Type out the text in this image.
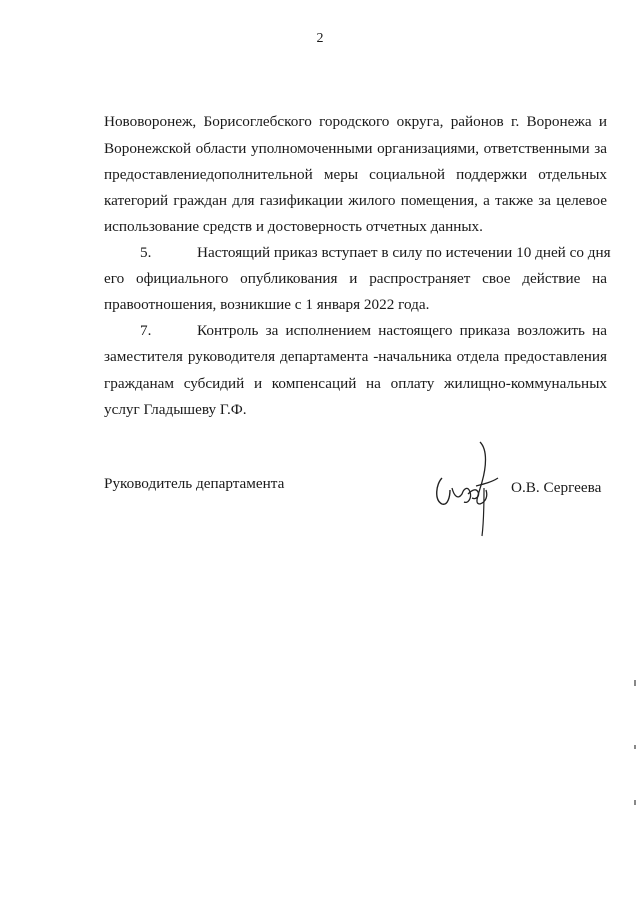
2
Нововоронеж, Борисоглебского городского округа, районов г. Воронежа и
Воронежской области уполномоченными организациями, ответственными за
предоставлениедополнительной меры социальной поддержки отдельных
категорий граждан для газификации жилого помещения, а также за целевое
использование средств и достоверность отчетных данных.
5.	Настоящий приказ вступает в силу по истечении 10 дней со дня
его официального опубликования и распространяет свое действие на
правоотношения, возникшие с 1 января 2022 года.
7.	Контроль за исполнением настоящего приказа возложить на
заместителя руководителя департамента -начальника отдела предоставления
гражданам субсидий и компенсаций на оплату жилищно-коммунальных
услуг Гладышеву Г.Ф.
Руководитель департамента	О.В. Сергеева
